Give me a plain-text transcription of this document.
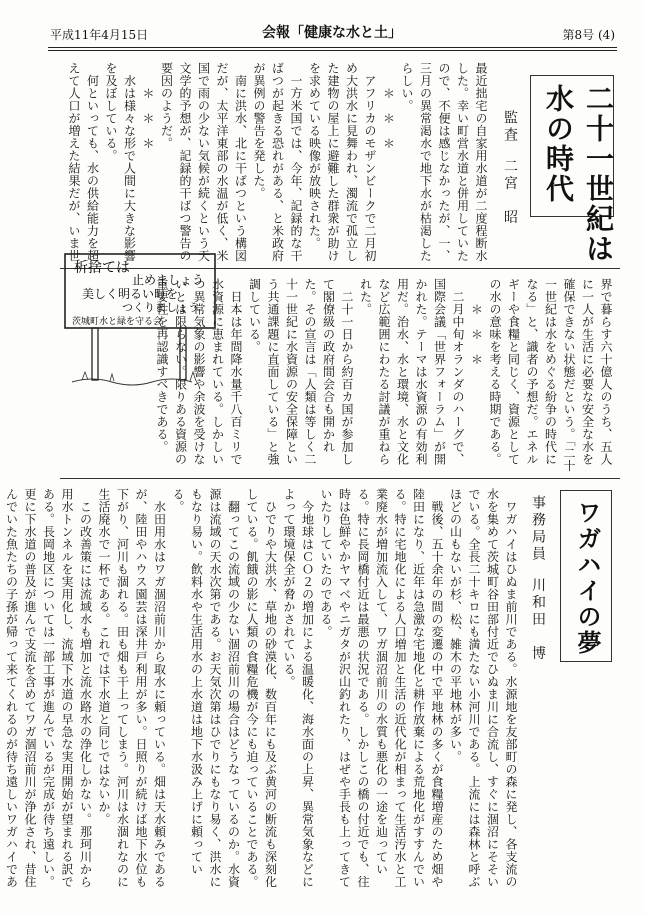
平成11年4月15日	会報「健康な水と土」	第8号 (4)
二十一世紀は
水の時代
監査  二宮　昭
最近拙宅の自家用水道が二度程断水した。幸い町営水道と併用していたので、不便は感じなかったが、一、三月の異常渇水で地下水が枯渇したらしい。
　　＊　＊　＊
　アフリカのモザンビークで二月初め大洪水に見舞われ、濁流で孤立した建物の屋上に避難した群衆が助けを求めている映像が放映された。
　一方米国では、今年、記録的な干ばつが起きる恐れがある、と米政府が異例の警告を発した。
　南に洪水、北に干ばつという構図だが、太平洋東部の水温が低く、米国で雨の少ない気候が続くという天文学的予想が、記録的干ばつ警告の要因のようだ。
　　＊　＊　＊
　水は様々な形で人間に大きな影響を及ぼしている。
　何といっても、水の供給能力を超えて人口が増えた結果だが、いま世
界で暮らす六十億人のうち、五人に一人が生活に必要な安全な水を確保できない状態だという。「二十一世紀は水をめぐる紛争の時代になる」と、識者の予想だ。エネルギーや食糧と同じく、資源としての水の意味を考える時期である。
　　＊　＊　＊
　二月中旬オランダのハーグで、国際会議「世界フォーラム」が開かれた。テーマは水資源の有効利用だ。治水、水と環境、水と文化など広範囲にわたる討議が重ねられた。
　二十一日から約百カ国が参加して閣僚級の政府間会合も開かれた。その宣言は「人類は等しく二十一世紀に水資源の安全保障という共通課題に直面している」と強調している。
　日本は年間降水量千八百ミリで水資源に恵まれている。しかしいつ異常気象の影響や余波を受けないとは限らない。限りある資源の重要性を再認識すべきである。
析捨ては
止めましょう
美しく明るい町を
つくりましょう
茨城町水と緑を守る会
ワガハイの夢
事務局員  川和田　博
　ワガハイはひぬま前川である。水源地を友部町の森に発し、各支流の水を集めて茨城町谷田部付近でひぬま川に合流し、すぐに涸沼にそそいでいる。全長二十キロにも満たない小河川である。上流には森林と呼ぶほどの山もないが杉、松、雑木の平地林が多い。
　戦後、五十余年の間の変遷の中で平地林の多くが食糧増産のため畑や陸田になり、近年は急激な宅地化と耕作放棄による荒地化がすすんでいる。特に宅地化による人口増加と生活の近代化が相まって生活汚水と工業廃水が増加流入して、ワガ涸沼前川の水質も悪化の一途を辿っている。特に長岡橋付近は最悪の状況である。しかしこの橋の付近でも、往時は色鮮やかヤマベやニガタが沢山釣れたり、はぜや手長も上ってきていたりしていたのである。
　今地球はＣＯ２の増加による温暖化、海水面の上昇、異常気象などによって環境保全が脅かされている。
　ひでりや大洪水、草地の砂漠化、数百年にも及ぶ黄河の断流も深刻化している。飢餓の影に人類の食糧危機が今にも迫っていることである。
　翻ってこの流域の少ない涸沼前川の場合はどうなっているのか。水資源は流域の天水次第である。お天気次第はひでりにもなり易く、洪水にもなり易い。飲料水や生活用水の上水道は地下水汲み上げに頼っている。
　水田用水はワガ涸沼前川から取水に頼っている。畑は天水頼みであるが、陸田やハウス園芸は深井戸利用が多い。日照りが続けば地下水位も下がり、河川も涸れる。田も畑も干上ってしまう。河川は水涸れなのに生活廃水で一杯である。これでは下水道と同じではないか。
　この改善策には流域水も増加と流水路水の浄化しかない。那珂川から用水トンネルを実用化し、流域下水道の早急な実用開始が望まれる訳である。長岡地区については一部工事が進んでいるが完成が待ち遠しい。更に下水道の普及が進んで支流を含めてワガ涸沼前川が浄化され、昔住んでいた魚たちの子孫が帰って来てくれるのが待ち遠しいワガハイであ
